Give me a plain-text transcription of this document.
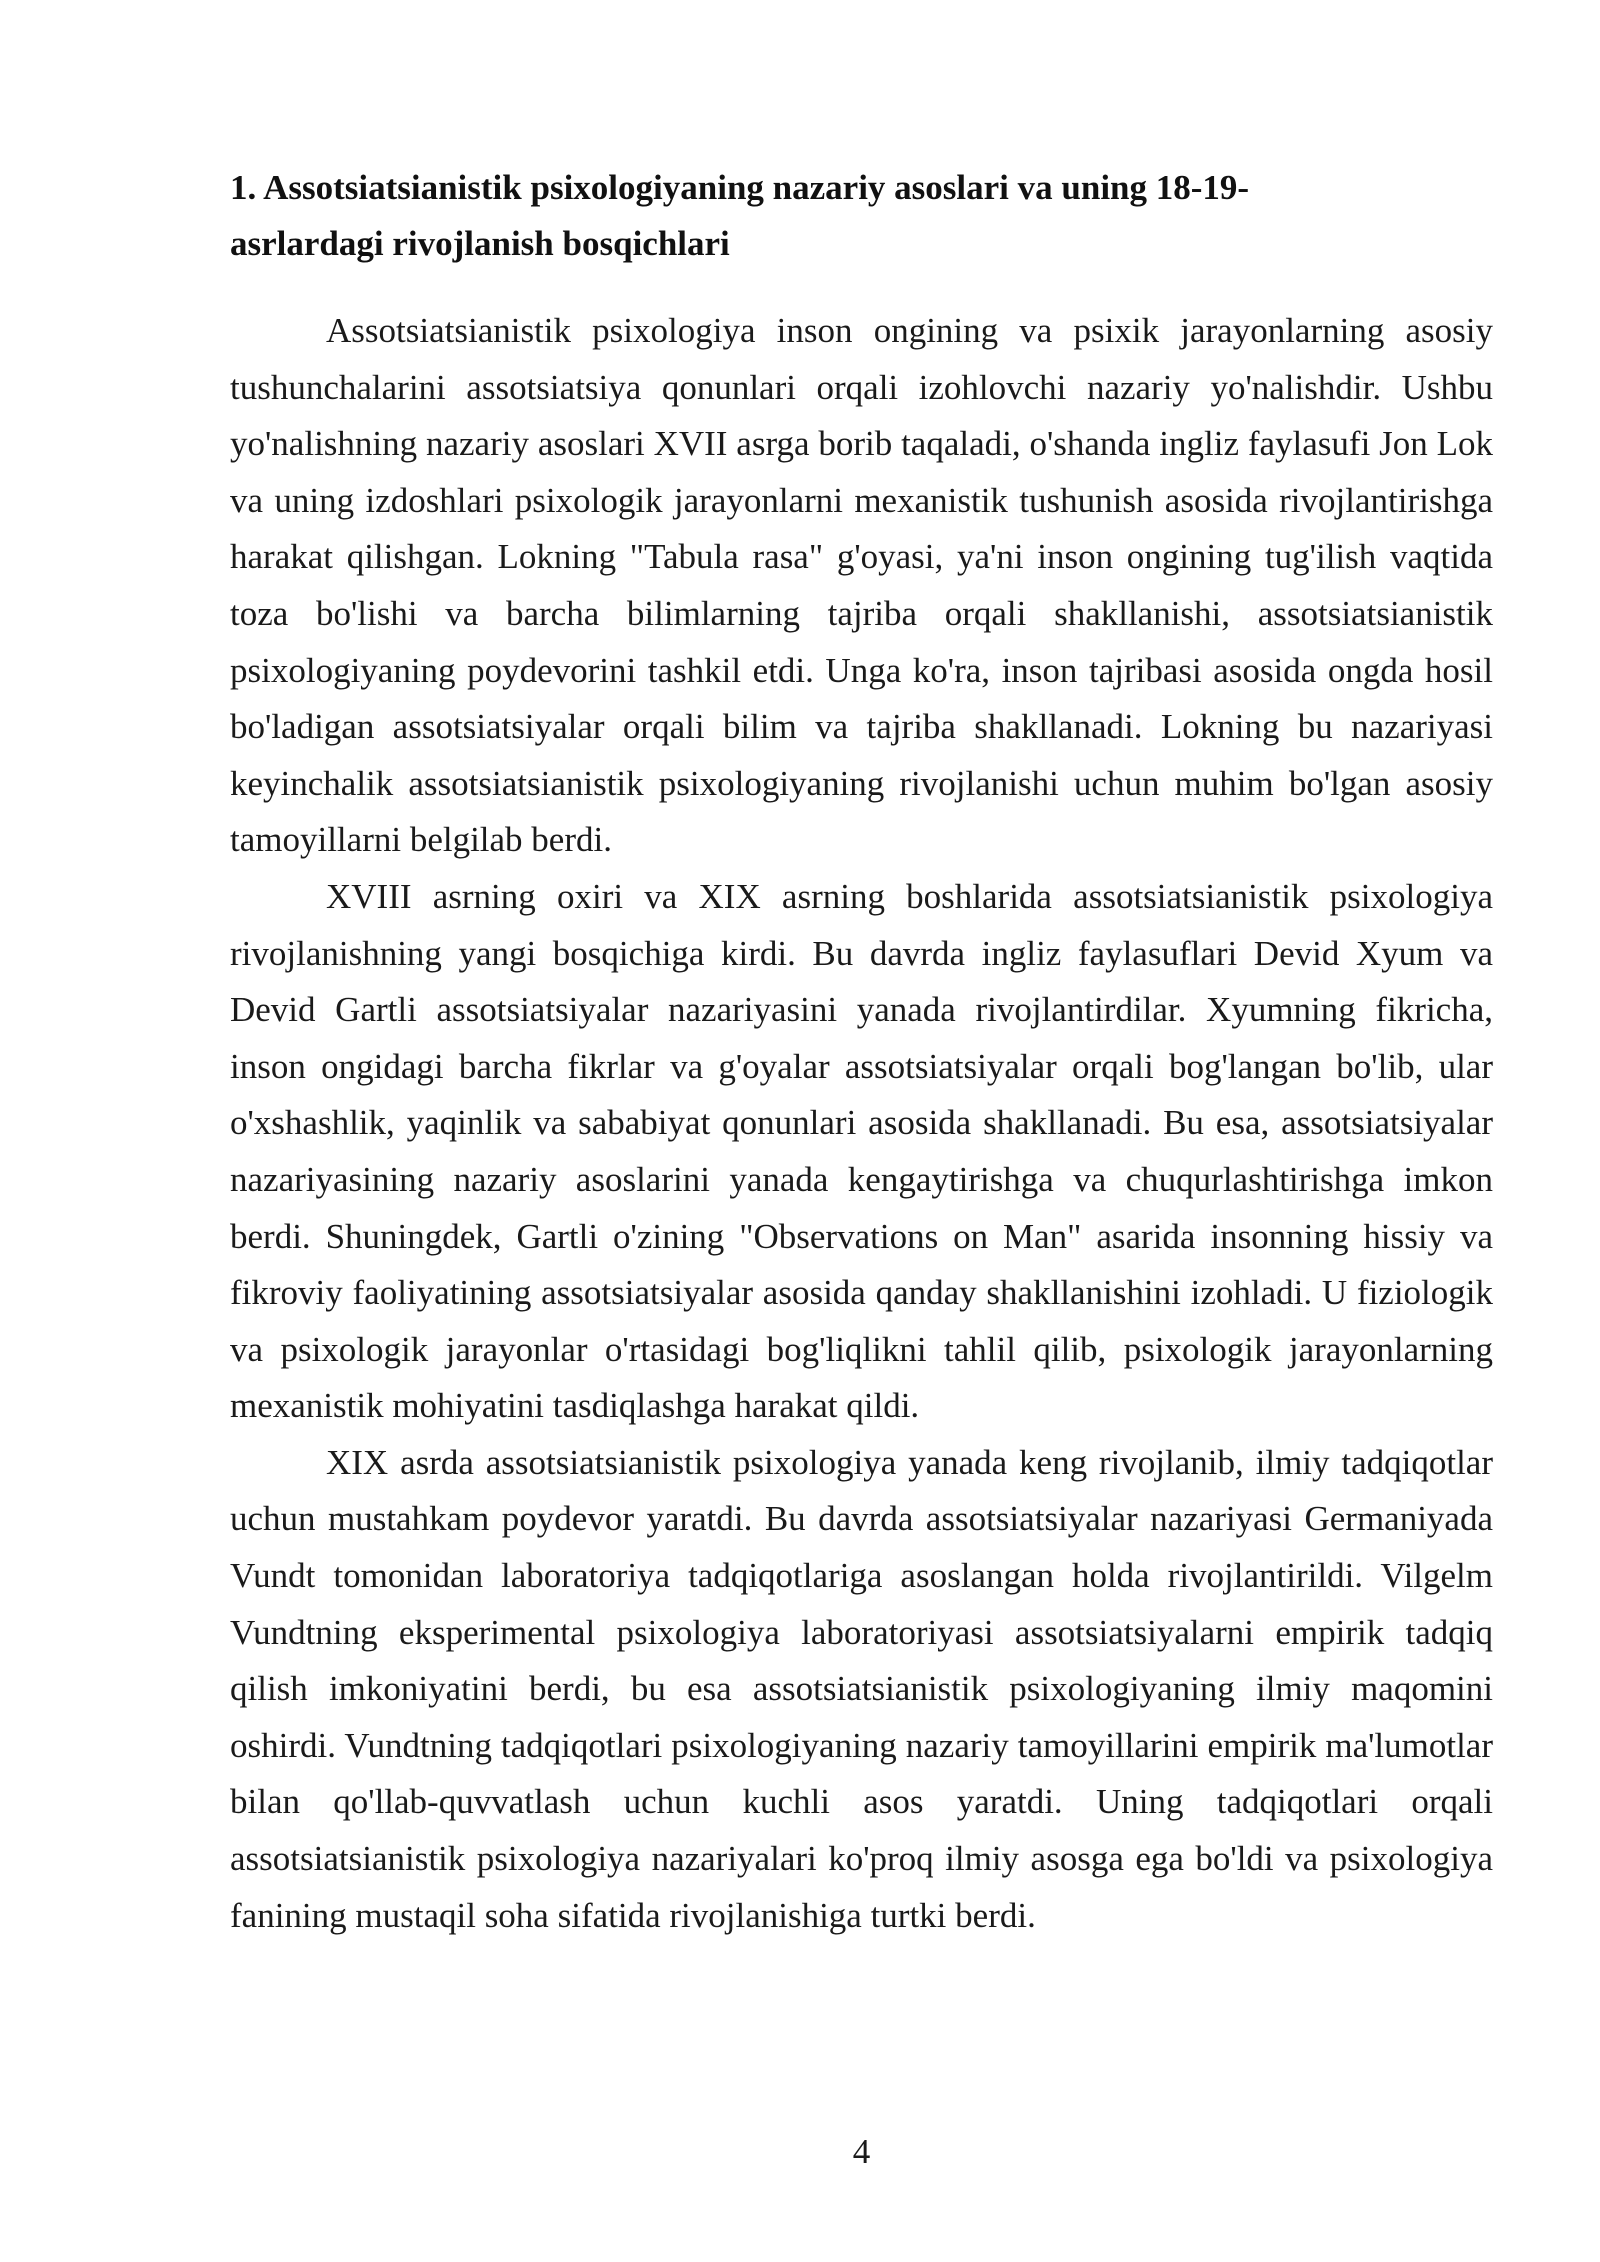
1. Assotsiatsianistik psixologiyaning nazariy asoslari va uning 18-19-asrlardagi rivojlanish bosqichlari

Assotsiatsianistik psixologiya inson ongining va psixik jarayonlarning asosiy tushunchalarini assotsiatsiya qonunlari orqali izohlovchi nazariy yo'nalishdir. Ushbu yo'nalishning nazariy asoslari XVII asrga borib taqaladi, o'shanda ingliz faylasufi Jon Lok va uning izdoshlari psixologik jarayonlarni mexanistik tushunish asosida rivojlantirishga harakat qilishgan. Lokning "Tabula rasa" g'oyasi, ya'ni inson ongining tug'ilish vaqtida toza bo'lishi va barcha bilimlarning tajriba orqali shakllanishi, assotsiatsianistik psixologiyaning poydevorini tashkil etdi. Unga ko'ra, inson tajribasi asosida ongda hosil bo'ladigan assotsiatsiyalar orqali bilim va tajriba shakllanadi. Lokning bu nazariyasi keyinchalik assotsiatsianistik psixologiyaning rivojlanishi uchun muhim bo'lgan asosiy tamoyillarni belgilab berdi.

XVIII asrning oxiri va XIX asrning boshlarida assotsiatsianistik psixologiya rivojlanishning yangi bosqichiga kirdi. Bu davrda ingliz faylasuflari Devid Xyum va Devid Gartli assotsiatsiyalar nazariyasini yanada rivojlantirdilar. Xyumning fikricha, inson ongidagi barcha fikrlar va g'oyalar assotsiatsiyalar orqali bog'langan bo'lib, ular o'xshashlik, yaqinlik va sababiyat qonunlari asosida shakllanadi. Bu esa, assotsiatsiyalar nazariyasining nazariy asoslarini yanada kengaytirishga va chuqurlashtirishga imkon berdi. Shuningdek, Gartli o'zining "Observations on Man" asarida insonning hissiy va fikroviy faoliyatining assotsiatsiyalar asosida qanday shakllanishini izohladi. U fiziologik va psixologik jarayonlar o'rtasidagi bog'liqlikni tahlil qilib, psixologik jarayonlarning mexanistik mohiyatini tasdiqlashga harakat qildi.

XIX asrda assotsiatsianistik psixologiya yanada keng rivojlanib, ilmiy tadqiqotlar uchun mustahkam poydevor yaratdi. Bu davrda assotsiatsiyalar nazariyasi Germaniyada Vundt tomonidan laboratoriya tadqiqotlariga asoslangan holda rivojlantirildi. Vilgelm Vundtning eksperimental psixologiya laboratoriyasi assotsiatsiyalarni empirik tadqiq qilish imkoniyatini berdi, bu esa assotsiatsianistik psixologiyaning ilmiy maqomini oshirdi. Vundtning tadqiqotlari psixologiyaning nazariy tamoyillarini empirik ma'lumotlar bilan qo'llab-quvvatlash uchun kuchli asos yaratdi. Uning tadqiqotlari orqali assotsiatsianistik psixologiya nazariyalari ko'proq ilmiy asosga ega bo'ldi va psixologiya fanining mustaqil soha sifatida rivojlanishiga turtki berdi.

4
